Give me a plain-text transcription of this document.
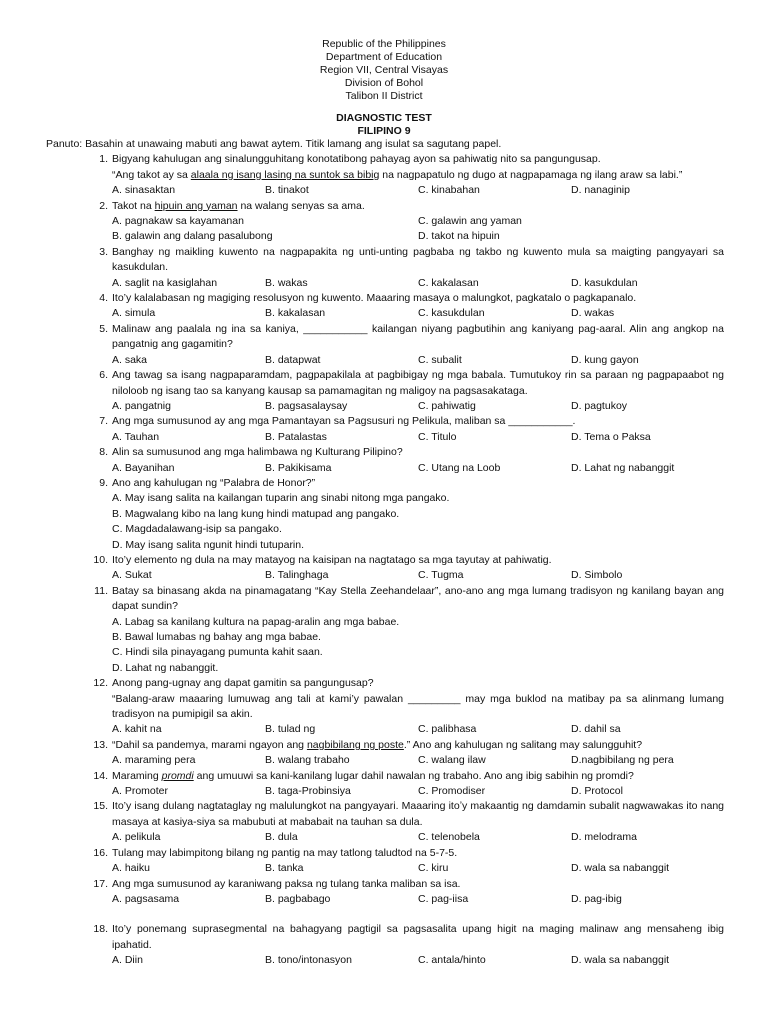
Republic of the Philippines
Department of Education
Region VII, Central Visayas
Division of Bohol
Talibon II District
DIAGNOSTIC TEST
FILIPINO 9
Panuto: Basahin at unawaing mabuti ang bawat aytem. Titik lamang ang isulat sa sagutang papel.
1. Bigyang kahulugan ang sinalungguhitang konotatibong pahayag ayon sa pahiwatig nito sa pangungusap.
“Ang takot ay sa alaala ng isang lasing na suntok sa bibig na nagpapatulo ng dugo at nagpapamaga ng ilang araw sa labi.”
A. sinasaktan	B. tinakot	C. kinabahan	D. nanaginip
2. Takot na hipuin ang yaman na walang senyas sa ama.
A. pagnakaw sa kayamanan	C. galawin ang yaman
B. galawin ang dalang pasalubong	D. takot na hipuin
3. Banghay ng maikling kuwento na nagpapakita ng unti-unting pagbaba ng takbo ng kuwento mula sa maigting pangyayari sa kasukdulan.
A. saglit na kasiglahan	B. wakas	C. kakalasan	D. kasukdulan
4. Ito’y kalalabasan ng magiging resolusyon ng kuwento. Maaaring masaya o malungkot, pagkatalo o pagkapanalo.
A. simula	B. kakalasan	C. kasukdulan	D. wakas
5. Malinaw ang paalala ng ina sa kaniya, ___________ kailangan niyang pagbutihin ang kaniyang pag-aaral. Alin ang angkop na pangatnig ang gagamitin?
A. saka	B. datapwat	C. subalit	D. kung gayon
6. Ang tawag sa isang nagpaparamdam, pagpapakilala at pagbibigay ng mga babala. Tumutukoy rin sa paraan ng pagpapaabot ng niloloob ng isang tao sa kanyang kausap sa pamamagitan ng maligoy na pagsasakatagа.
A. pangatnig	B. pagsasalaysay	C. pahiwatig	D. pagtukoy
7. Ang mga sumusunod ay ang mga Pamantayan sa Pagsusuri ng Pelikula, maliban sa ___________.
A. Tauhan	B. Patalastas	C. Titulo	D. Tema o Paksa
8. Alin sa sumusunod ang mga halimbawa ng Kulturang Pilipino?
A. Bayanihan	B. Pakikisama	C. Utang na Loob	D. Lahat ng nabanggit
9. Ano ang kahulugan ng “Palabra de Honor?”
A. May isang salita na kailangan tuparin ang sinabi nitong mga pangako.
B. Magwalang kibo na lang kung hindi matupad ang pangako.
C. Magdadalawang-isip sa pangako.
D. May isang salita ngunit hindi tutuparin.
10. Ito’y elemento ng dula na may matayog na kaisipan na nagtatago sa mga tayutay at pahiwatig.
A. Sukat	B. Talinghaga	C. Tugma	D. Simbolo
11. Batay sa binasang akda na pinamagatang “Kay Stella Zeehandelaar”, ano-ano ang mga lumang tradisyon ng kanilang bayan ang dapat sundin?
A. Labag sa kanilang kultura na papag-aralin ang mga babae.
B. Bawal lumabas ng bahay ang mga babae.
C. Hindi sila pinayagang pumunta kahit saan.
D. Lahat ng nabanggit.
12. Anong pang-ugnay ang dapat gamitin sa pangungusap?
“Balang-araw maaaring lumuwag ang tali at kami’y pawalan _________ may mga buklod na matibay pa sa alinmang lumang tradisyon na pumipigil sa akin.
A. kahit na	B. tulad ng	C. palibhasa	D. dahil sa
13. “Dahil sa pandemya, marami ngayon ang nagbibilang ng poste.” Ano ang kahulugan ng salitang may salungguhit?
A. maraming pera	B. walang trabaho	C. walang ilaw	D.nagbibilang ng pera
14. Maraming promdi ang umuuwi sa kani-kanilang lugar dahil nawalan ng trabaho. Ano ang ibig sabihin ng promdi?
A. Promoter	B. taga-Probinsiya	C. Promodiser	D. Protocol
15. Ito’y isang dulang nagtataglay ng malulungkot na pangyayari. Maaaring itoʼy makaantig ng damdamin subalit nagwawakas ito nang masaya at kasiya-siya sa mabubuti at mababait na tauhan sa dula.
A. pelikula	B. dula	C. telenobela	D. melodrama
16. Tulang may labimpitong bilang ng pantig na may tatlong taludtod na 5-7-5.
A. haiku	B. tanka	C. kiru	D. wala sa nabanggit
17. Ang mga sumusunod ay karaniwang paksa ng tulang tanka maliban sa isa.
A. pagsasama	B. pagbabago	C. pag-iisa	D. pag-ibig
18. Ito’y ponemang suprasegmental na bahagyang pagtigil sa pagsasalita upang higit na maging malinaw ang mensaheng ibig ipahatid.
A. Diin	B. tono/intonasyon	C. antala/hinto	D. wala sa nabanggit
